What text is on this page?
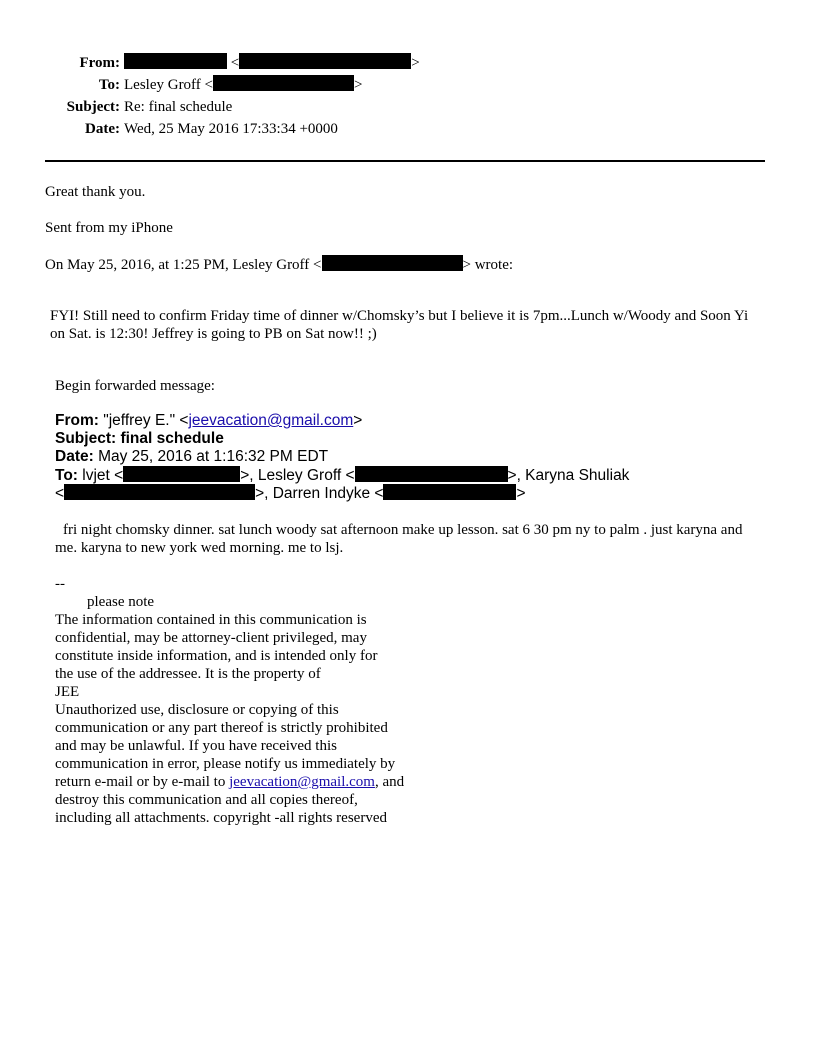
From:	<	>
To: Lesley Groff <	>
Subject: Re: final schedule
Date: Wed, 25 May 2016 17:33:34 +0000
Great thank you.
Sent from my iPhone
On May 25, 2016, at 1:25 PM, Lesley Groff <	> wrote:
FYI! Still need to confirm Friday time of dinner w/Chomsky’s but I believe it is 7pm...Lunch w/Woody and Soon Yi on Sat. is 12:30! Jeffrey is going to PB on Sat now!! ;)
Begin forwarded message:
From: "jeffrey E." <jeevacation@gmail.com>
Subject: final schedule
Date: May 25, 2016 at 1:16:32 PM EDT
To: lvjet <	>, Lesley Groff <	>, Karyna Shuliak
<	>, Darren Indyke <	>
fri night chomsky dinner. sat lunch woody sat afternoon make up lesson. sat 6 30 pm ny to palm . just karyna and me. karyna to new york wed morning. me to lsj.
--
please note
The information contained in this communication is
confidential, may be attorney-client privileged, may
constitute inside information, and is intended only for
the use of the addressee. It is the property of
JEE
Unauthorized use, disclosure or copying of this
communication or any part thereof is strictly prohibited
and may be unlawful. If you have received this
communication in error, please notify us immediately by
return e-mail or by e-mail to jeevacation@gmail.com, and
destroy this communication and all copies thereof,
including all attachments. copyright -all rights reserved
